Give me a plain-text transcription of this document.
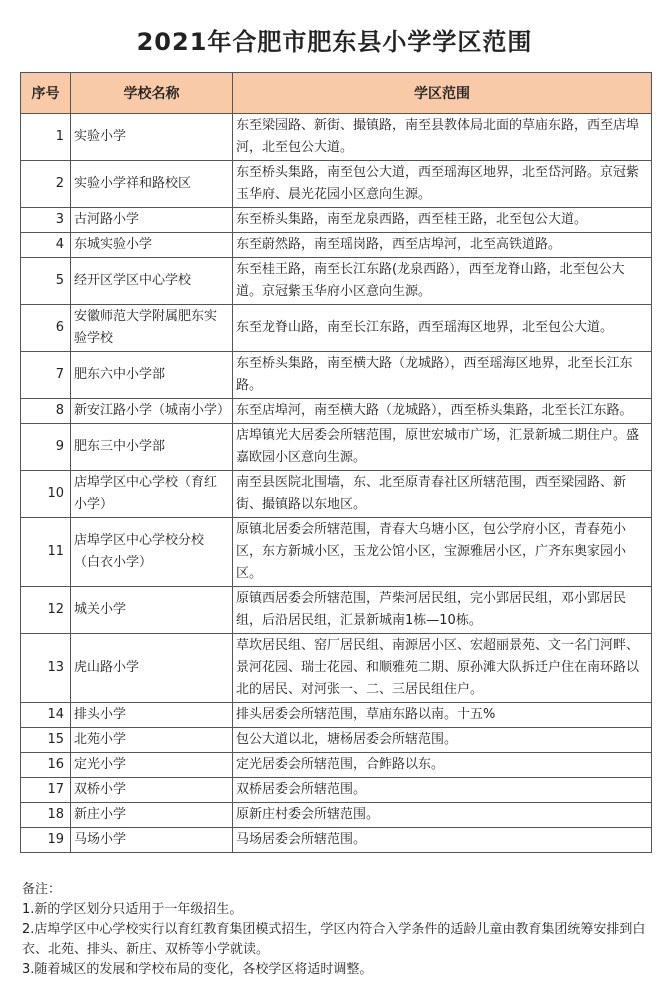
2021年合肥市肥东县小学学区范围
序号	学校名称	学区范围
1	实验小学	东至梁园路、新街、撮镇路，南至县教体局北面的草庙东路，西至店埠河，北至包公大道。
2	实验小学祥和路校区	东至桥头集路，南至包公大道，西至瑶海区地界，北至岱河路。京冠紫玉华府、晨光花园小区意向生源。
3	古河路小学	东至桥头集路，南至龙泉西路，西至桂王路，北至包公大道。
4	东城实验小学	东至蔚然路，南至瑶岗路，西至店埠河，北至高铁道路。
5	经开区学区中心学校	东至桂王路，南至长江东路(龙泉西路），西至龙脊山路，北至包公大道。京冠紫玉华府小区意向生源。
6	安徽师范大学附属肥东实验学校	东至龙脊山路，南至长江东路，西至瑶海区地界，北至包公大道。
7	肥东六中小学部	东至桥头集路，南至横大路（龙城路），西至瑶海区地界，北至长江东路。
8	新安江路小学（城南小学）	东至店埠河，南至横大路（龙城路），西至桥头集路，北至长江东路。
9	肥东三中小学部	店埠镇光大居委会所辖范围，原世宏城市广场，汇景新城二期住户。盛嘉欧园小区意向生源。
10	店埠学区中心学校（育红小学）	南至县医院北围墙，东、北至原青春社区所辖范围，西至梁园路、新街、撮镇路以东地区。
11	店埠学区中心学校分校（白衣小学）	原镇北居委会所辖范围，青春大乌塘小区，包公学府小区，青春苑小区，东方新城小区，玉龙公馆小区，宝源雅居小区，广齐东奥家园小区。
12	城关小学	原镇西居委会所辖范围，芦柴河居民组，完小郢居民组，邓小郢居民组，后沿居民组，汇景新城南1栋—10栋。
13	虎山路小学	草坎居民组、窑厂居民组、南源居小区、宏超丽景苑、文一名门河畔、景河花园、瑞士花园、和顺雅苑二期、原孙滩大队拆迁户住在南环路以北的居民、对河张一、二、三居民组住户。
14	排头小学	排头居委会所辖范围，草庙东路以南。十五%
15	北苑小学	包公大道以北，塘杨居委会所辖范围。
16	定光小学	定光居委会所辖范围，合鲊路以东。
17	双桥小学	双桥居委会所辖范围。
18	新庄小学	原新庄村委会所辖范围。
19	马场小学	马场居委会所辖范围。
备注：
1.新的学区划分只适用于一年级招生。
2.店埠学区中心学校实行以育红教育集团模式招生，学区内符合入学条件的适龄儿童由教育集团统筹安排到白衣、北苑、排头、新庄、双桥等小学就读。
3.随着城区的发展和学校布局的变化，各校学区将适时调整。
